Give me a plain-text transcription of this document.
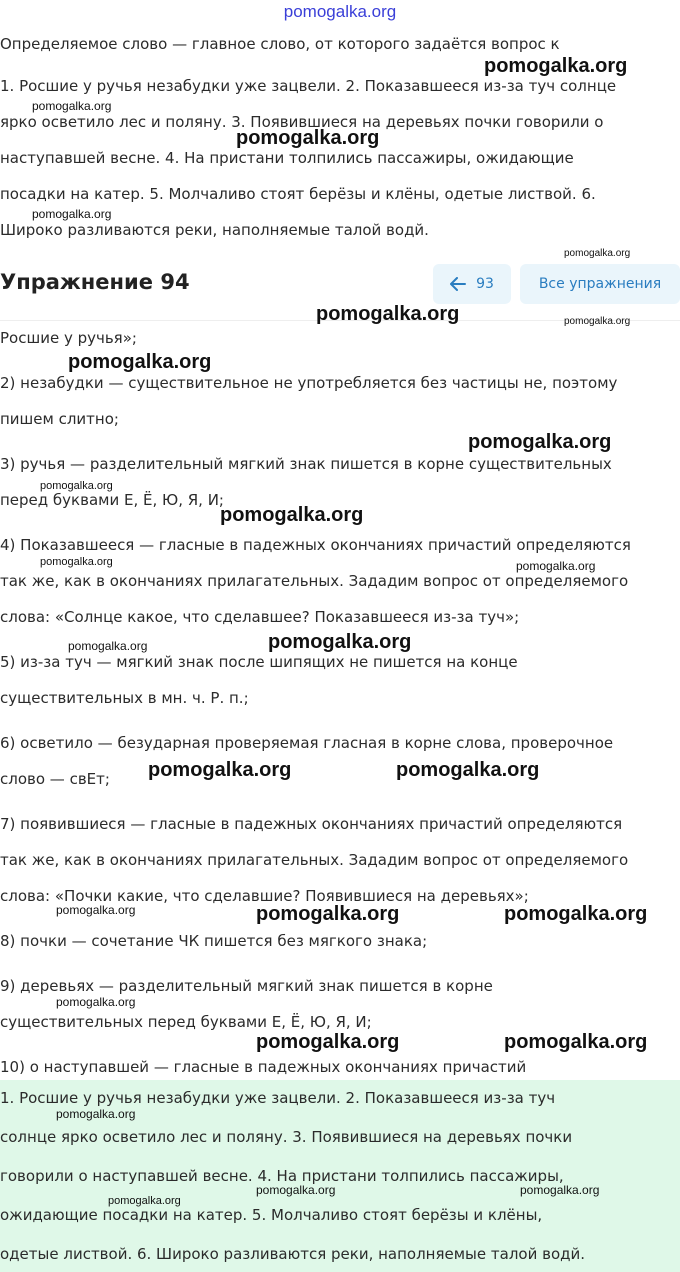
pomogalka.org
Определяемое слово — главное слово, от которого задаётся вопрос к
1. Росшие у ручья незабудки уже зацвели. 2. Показавшееся из-за туч солнце
ярко осветило лес и поляну. 3. Появившиеся на деревьях почки говорили о
наступавшей весне. 4. На пристани толпились пассажиры, ожидающие
посадки на катер. 5. Молчаливо стоят берёзы и клёны, одетые листвой. 6.
Широко разливаются реки, наполняемые талой водй.
Упражнение 94	93	Все упражнения
Росшие у ручья»;
2) незабудки — существительное не употребляется без частицы не, поэтому
пишем слитно;
3) ручья — разделительный мягкий знак пишется в корне существительных
перед буквами Е, Ё, Ю, Я, И;
4) Показавшееся — гласные в падежных окончаниях причастий определяются
так же, как в окончаниях прилагательных. Зададим вопрос от определяемого
слова: «Солнце какое, что сделавшее? Показавшееся из-за туч»;
5) из-за туч — мягкий знак после шипящих не пишется на конце
существительных в мн. ч. Р. п.;
6) осветило — безударная проверяемая гласная в корне слова, проверочное
слово — свЕт;
7) появившиеся — гласные в падежных окончаниях причастий определяются
так же, как в окончаниях прилагательных. Зададим вопрос от определяемого
слова: «Почки какие, что сделавшие? Появившиеся на деревьях»;
8) почки — сочетание ЧК пишется без мягкого знака;
9) деревьях — разделительный мягкий знак пишется в корне
существительных перед буквами Е, Ё, Ю, Я, И;
10) о наступавшей — гласные в падежных окончаниях причастий
1. Росшие у ручья незабудки уже зацвели. 2. Показавшееся из-за туч
солнце ярко осветило лес и поляну. 3. Появившиеся на деревьях почки
говорили о наступавшей весне. 4. На пристани толпились пассажиры,
ожидающие посадки на катер. 5. Молчаливо стоят берёзы и клёны,
одетые листвой. 6. Широко разливаются реки, наполняемые талой водй.
pomogalka.org
pomogalka.org
pomogalka.org
pomogalka.org
pomogalka.org
pomogalka.org	pomogalka.org
pomogalka.org
pomogalka.org
pomogalka.org
pomogalka.org
pomogalka.org	pomogalka.org
pomogalka.org
pomogalka.org
pomogalka.org	pomogalka.org
pomogalka.org	pomogalka.org	pomogalka.org
pomogalka.org
pomogalka.org	pomogalka.org
pomogalka.org
pomogalka.org	pomogalka.org
pomogalka.org
